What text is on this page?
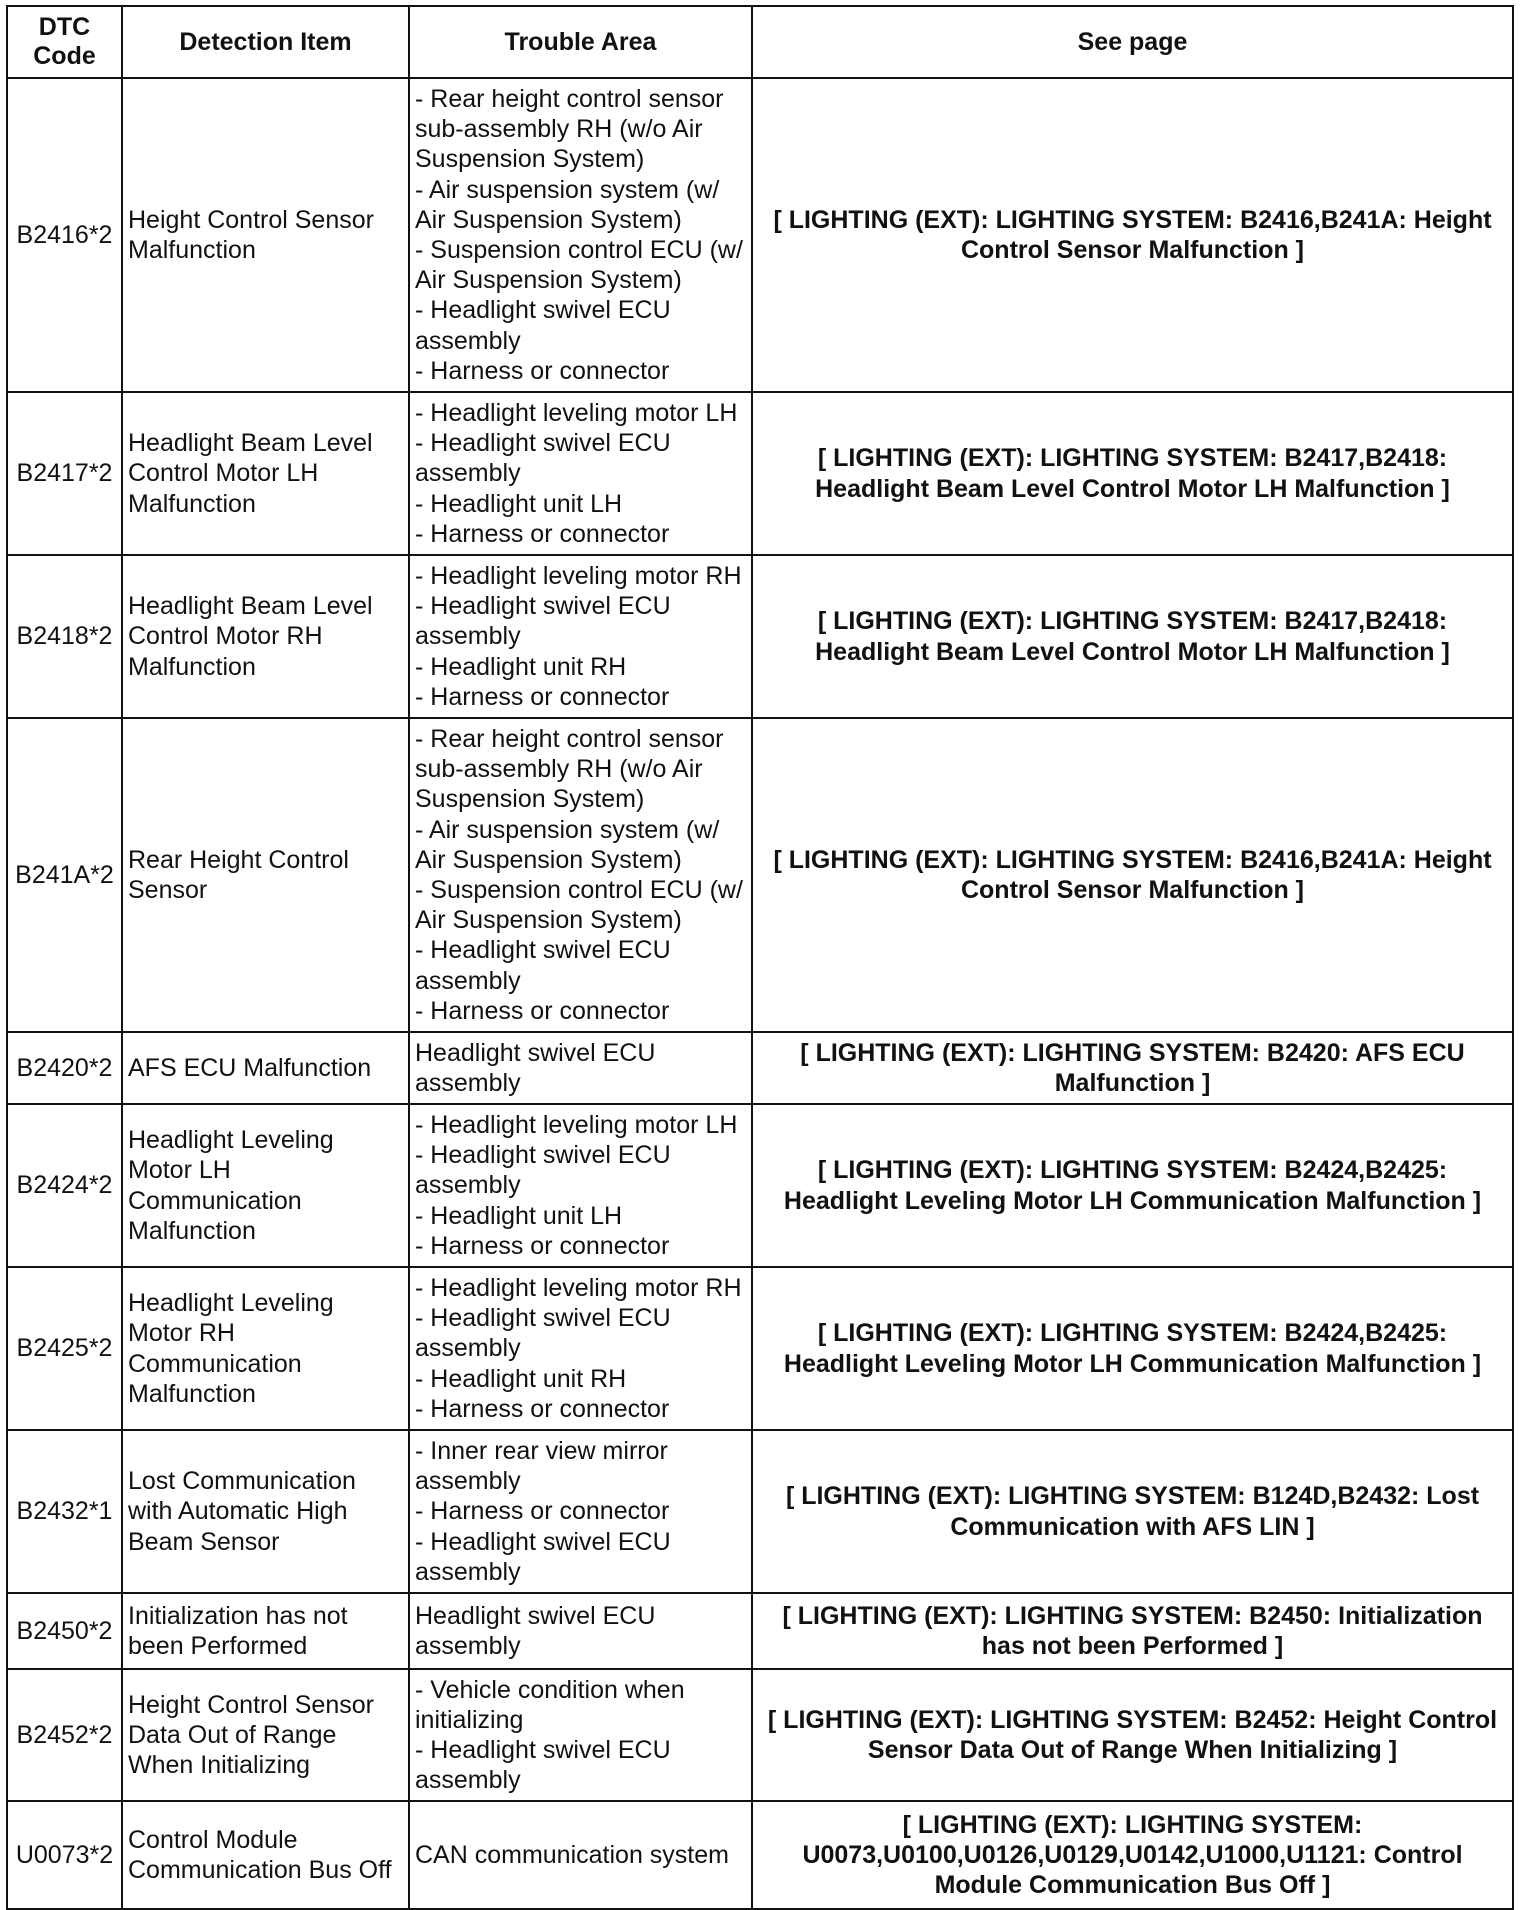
DTC Code	Detection Item	Trouble Area	See page
B2416*2	Height Control Sensor Malfunction	- Rear height control sensor sub-assembly RH (w/o Air Suspension System)
- Air suspension system (w/ Air Suspension System)
- Suspension control ECU (w/ Air Suspension System)
- Headlight swivel ECU assembly
- Harness or connector	[ LIGHTING (EXT): LIGHTING SYSTEM: B2416,B241A: Height Control Sensor Malfunction ]
B2417*2	Headlight Beam Level Control Motor LH Malfunction	- Headlight leveling motor LH
- Headlight swivel ECU assembly
- Headlight unit LH
- Harness or connector	[ LIGHTING (EXT): LIGHTING SYSTEM: B2417,B2418: Headlight Beam Level Control Motor LH Malfunction ]
B2418*2	Headlight Beam Level Control Motor RH Malfunction	- Headlight leveling motor RH
- Headlight swivel ECU assembly
- Headlight unit RH
- Harness or connector	[ LIGHTING (EXT): LIGHTING SYSTEM: B2417,B2418: Headlight Beam Level Control Motor LH Malfunction ]
B241A*2	Rear Height Control Sensor	- Rear height control sensor sub-assembly RH (w/o Air Suspension System)
- Air suspension system (w/ Air Suspension System)
- Suspension control ECU (w/ Air Suspension System)
- Headlight swivel ECU assembly
- Harness or connector	[ LIGHTING (EXT): LIGHTING SYSTEM: B2416,B241A: Height Control Sensor Malfunction ]
B2420*2	AFS ECU Malfunction	Headlight swivel ECU assembly	[ LIGHTING (EXT): LIGHTING SYSTEM: B2420: AFS ECU Malfunction ]
B2424*2	Headlight Leveling Motor LH Communication Malfunction	- Headlight leveling motor LH
- Headlight swivel ECU assembly
- Headlight unit LH
- Harness or connector	[ LIGHTING (EXT): LIGHTING SYSTEM: B2424,B2425: Headlight Leveling Motor LH Communication Malfunction ]
B2425*2	Headlight Leveling Motor RH Communication Malfunction	- Headlight leveling motor RH
- Headlight swivel ECU assembly
- Headlight unit RH
- Harness or connector	[ LIGHTING (EXT): LIGHTING SYSTEM: B2424,B2425: Headlight Leveling Motor LH Communication Malfunction ]
B2432*1	Lost Communication with Automatic High Beam Sensor	- Inner rear view mirror assembly
- Harness or connector
- Headlight swivel ECU assembly	[ LIGHTING (EXT): LIGHTING SYSTEM: B124D,B2432: Lost Communication with AFS LIN ]
B2450*2	Initialization has not been Performed	Headlight swivel ECU assembly	[ LIGHTING (EXT): LIGHTING SYSTEM: B2450: Initialization has not been Performed ]
B2452*2	Height Control Sensor Data Out of Range When Initializing	- Vehicle condition when initializing
- Headlight swivel ECU assembly	[ LIGHTING (EXT): LIGHTING SYSTEM: B2452: Height Control Sensor Data Out of Range When Initializing ]
U0073*2	Control Module Communication Bus Off	CAN communication system	[ LIGHTING (EXT): LIGHTING SYSTEM: U0073,U0100,U0126,U0129,U0142,U1000,U1121: Control Module Communication Bus Off ]
